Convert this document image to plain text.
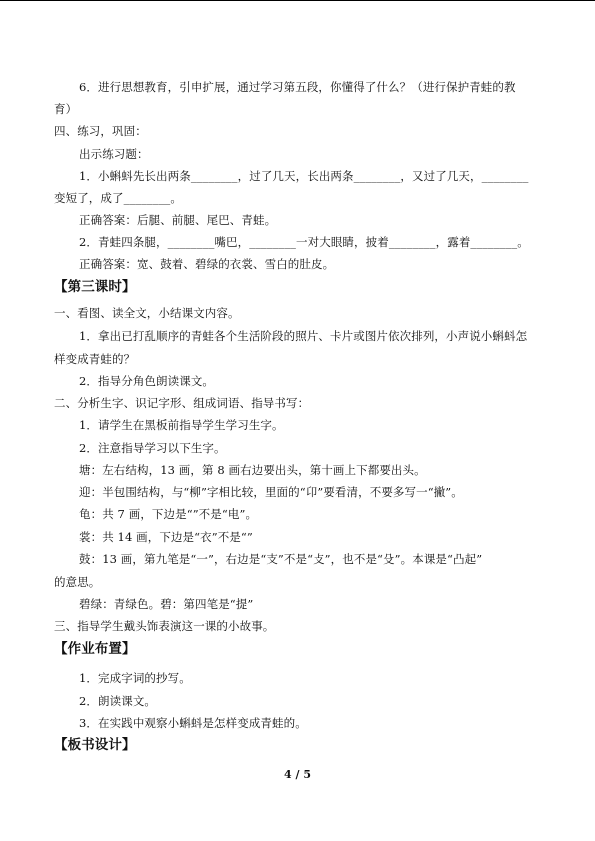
6．进行思想教育，引申扩展，通过学习第五段，你懂得了什么？（进行保护青蛙的教
育）
四、练习，巩固：
出示练习题：
1．小蝌蚪先长出两条________，过了几天，长出两条________，又过了几天，________
变短了，成了________。
正确答案：后腿、前腿、尾巴、青蛙。
2．青蛙四条腿，________嘴巴，________一对大眼睛，披着________，露着________。
正确答案：宽、鼓着、碧绿的衣裳、雪白的肚皮。
【第三课时】
一、看图、读全文，小结课文内容。
1．拿出已打乱顺序的青蛙各个生活阶段的照片、卡片或图片依次排列，小声说小蝌蚪怎
样变成青蛙的？
2．指导分角色朗读课文。
二、分析生字、识记字形、组成词语、指导书写：
1．请学生在黑板前指导学生学习生字。
2．注意指导学习以下生字。
塘：左右结构，13 画，第 8 画右边要出头，第十画上下都要出头。
迎：半包围结构，与“柳”字相比较，里面的“卬”要看清，不要多写一“撇”。
龟：共 7 画，下边是“”不是“电”。
裳：共 14 画，下边是“衣”不是“”
鼓：13 画，第九笔是“一”，右边是“支”不是“攴”，也不是“殳”。本课是“凸起”
的意思。
碧绿：青绿色。碧：第四笔是“提”
三、指导学生戴头饰表演这一课的小故事。
【作业布置】
1．完成字词的抄写。
2．朗读课文。
3．在实践中观察小蝌蚪是怎样变成青蛙的。
【板书设计】
4 / 5
